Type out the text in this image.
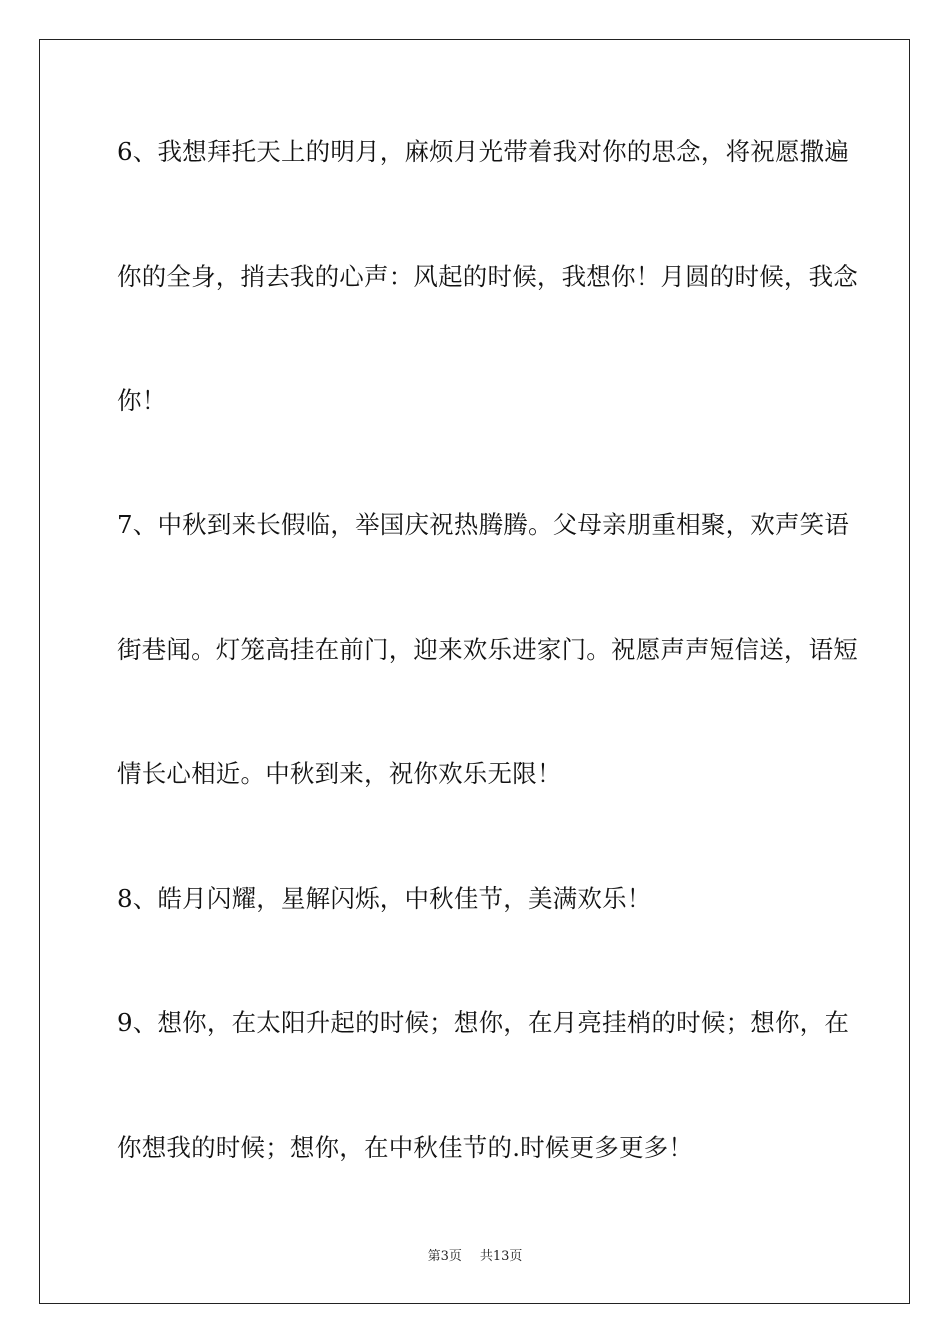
6、我想拜托天上的明月，麻烦月光带着我对你的思念，将祝愿撒遍
你的全身，捎去我的心声：风起的时候，我想你！月圆的时候，我念
你！
7、中秋到来长假临，举国庆祝热腾腾。父母亲朋重相聚，欢声笑语
街巷闻。灯笼高挂在前门，迎来欢乐进家门。祝愿声声短信送，语短
情长心相近。中秋到来，祝你欢乐无限！
8、皓月闪耀，星解闪烁，中秋佳节，美满欢乐！
9、想你，在太阳升起的时候；想你，在月亮挂梢的时候；想你，在
你想我的时候；想你，在中秋佳节的.时候更多更多！
第3页 共13页
